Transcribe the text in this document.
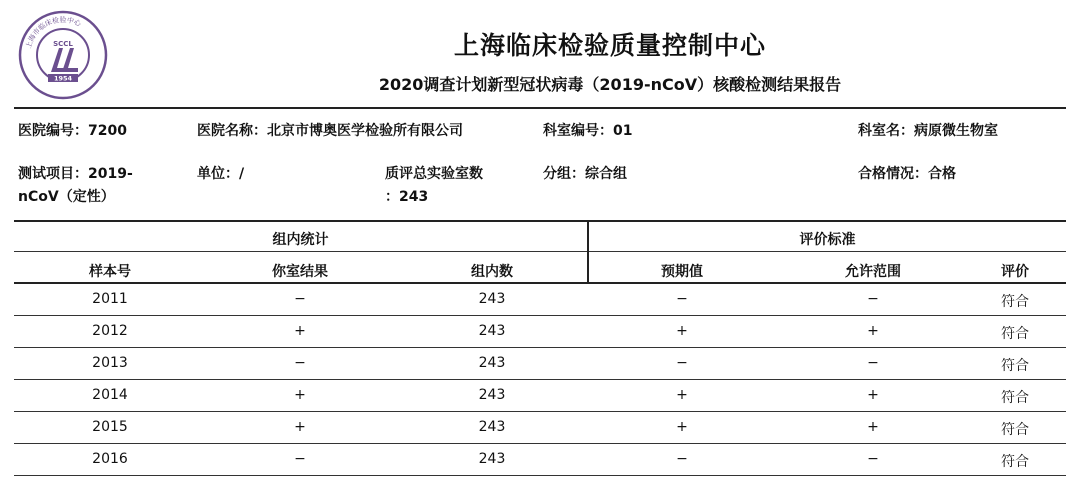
上海市临床检验中心
SCCL
1954
上海临床检验质量控制中心
2020调查计划新型冠状病毒（2019-nCoV）核酸检测结果报告
医院编号：7200	医院名称：北京市博奥医学检验所有限公司	科室编号：01	科室名：病原微生物室
测试项目：2019-
nCoV（定性）
单位：/	质评总实验室数
：243
分组：综合组	合格情况：合格
组内统计	评价标准
样本号	你室结果	组内数	预期值	允许范围	评价
2011	−	243	−	−	符合
2012	+	243	+	+	符合
2013	−	243	−	−	符合
2014	+	243	+	+	符合
2015	+	243	+	+	符合
2016	−	243	−	−	符合
